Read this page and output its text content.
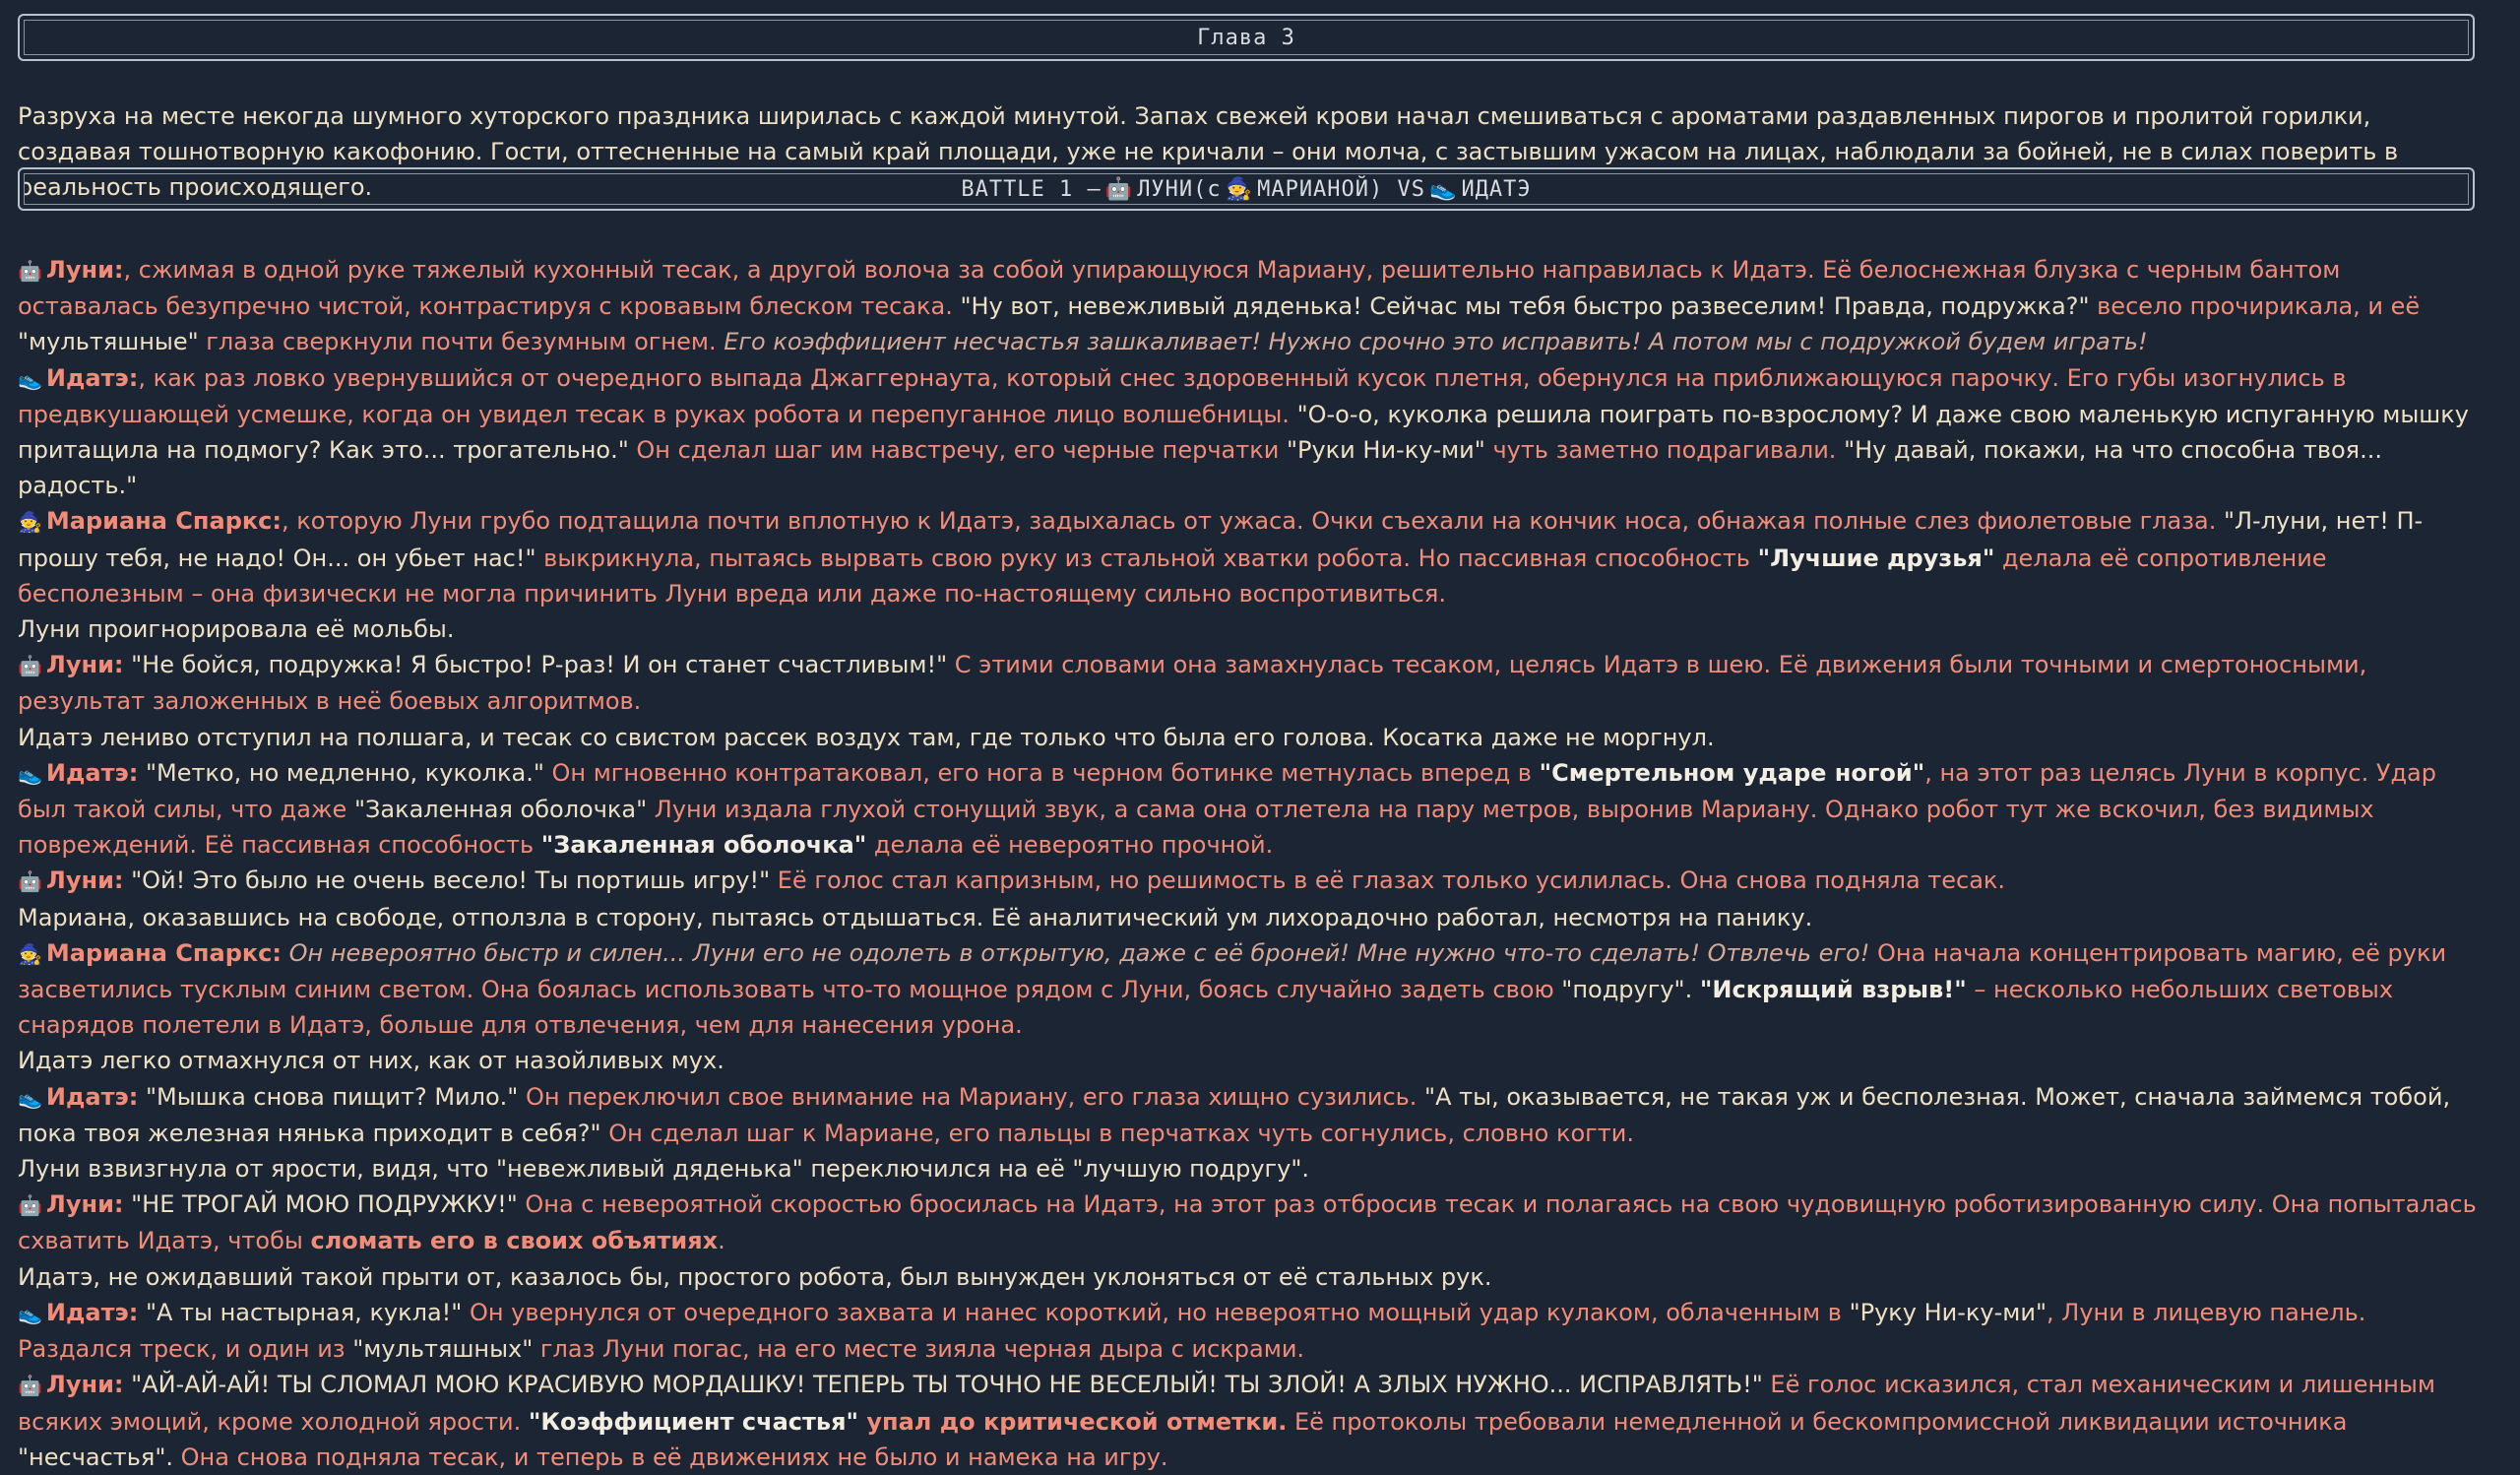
Глава 3
Разруха на месте некогда шумного хуторского праздника ширилась с каждой минутой. Запах свежей крови начал смешиваться с ароматами раздавленных пирогов и пролитой горилки, создавая тошнотворную какофонию. Гости, оттесненные на самый край площади, уже не кричали – они молча, с застывшим ужасом на лицах, наблюдали за бойней, не в силах поверить в реальность происходящего.	BATTLE 1 – 🤖 ЛУНИ (с 🧙 МАРИАНОЙ ) VS 👟 ИДАТЭ

🤖 Луни:, сжимая в одной руке тяжелый кухонный тесак, а другой волоча за собой упирающуюся Мариану, решительно направилась к Идатэ. Её белоснежная блузка с черным бантом оставалась безупречно чистой, контрастируя с кровавым блеском тесака. "Ну вот, невежливый дяденька! Сейчас мы тебя быстро развеселим! Правда, подружка?" весело прочирикала, и её "мультяшные" глаза сверкнули почти безумным огнем. Его коэффициент несчастья зашкаливает! Нужно срочно это исправить! А потом мы с подружкой будем играть!

👟 Идатэ:, как раз ловко увернувшийся от очередного выпада Джаггернаута, который снес здоровенный кусок плетня, обернулся на приближающуюся парочку. Его губы изогнулись в предвкушающей усмешке, когда он увидел тесак в руках робота и перепуганное лицо волшебницы. "О-о-о, куколка решила поиграть по-взрослому? И даже свою маленькую испуганную мышку притащила на подмогу? Как это... трогательно." Он сделал шаг им навстречу, его черные перчатки "Руки Ни-ку-ми" чуть заметно подрагивали. "Ну давай, покажи, на что способна твоя... радость."

🧙 Мариана Спаркс:, которую Луни грубо подтащила почти вплотную к Идатэ, задыхалась от ужаса. Очки съехали на кончик носа, обнажая полные слез фиолетовые глаза. "Л-луни, нет! П-прошу тебя, не надо! Он... он убьет нас!" выкрикнула, пытаясь вырвать свою руку из стальной хватки робота. Но пассивная способность "Лучшие друзья" делала её сопротивление бесполезным – она физически не могла причинить Луни вреда или даже по-настоящему сильно воспротивиться.

Луни проигнорировала её мольбы.

🤖 Луни: "Не бойся, подружка! Я быстро! Р-раз! И он станет счастливым!" С этими словами она замахнулась тесаком, целясь Идатэ в шею. Её движения были точными и смертоносными, результат заложенных в неё боевых алгоритмов.

Идатэ лениво отступил на полшага, и тесак со свистом рассек воздух там, где только что была его голова. Косатка даже не моргнул.

👟 Идатэ: "Метко, но медленно, куколка." Он мгновенно контратаковал, его нога в черном ботинке метнулась вперед в "Смертельном ударе ногой", на этот раз целясь Луни в корпус. Удар был такой силы, что даже "Закаленная оболочка" Луни издала глухой стонущий звук, а сама она отлетела на пару метров, выронив Мариану. Однако робот тут же вскочил, без видимых повреждений. Её пассивная способность "Закаленная оболочка" делала её невероятно прочной.

🤖 Луни: "Ой! Это было не очень весело! Ты портишь игру!" Её голос стал капризным, но решимость в её глазах только усилилась. Она снова подняла тесак.

Мариана, оказавшись на свободе, отползла в сторону, пытаясь отдышаться. Её аналитический ум лихорадочно работал, несмотря на панику.

🧙 Мариана Спаркс: Он невероятно быстр и силен... Луни его не одолеть в открытую, даже с её броней! Мне нужно что-то сделать! Отвлечь его! Она начала концентрировать магию, её руки засветились тусклым синим светом. Она боялась использовать что-то мощное рядом с Луни, боясь случайно задеть свою "подругу". "Искрящий взрыв!" – несколько небольших световых снарядов полетели в Идатэ, больше для отвлечения, чем для нанесения урона.

Идатэ легко отмахнулся от них, как от назойливых мух.

👟 Идатэ: "Мышка снова пищит? Мило." Он переключил свое внимание на Мариану, его глаза хищно сузились. "А ты, оказывается, не такая уж и бесполезная. Может, сначала займемся тобой, пока твоя железная нянька приходит в себя?" Он сделал шаг к Мариане, его пальцы в перчатках чуть согнулись, словно когти.

Луни взвизгнула от ярости, видя, что "невежливый дяденька" переключился на её "лучшую подругу".

🤖 Луни: "НЕ ТРОГАЙ МОЮ ПОДРУЖКУ!" Она с невероятной скоростью бросилась на Идатэ, на этот раз отбросив тесак и полагаясь на свою чудовищную роботизированную силу. Она попыталась схватить Идатэ, чтобы сломать его в своих объятиях.

Идатэ, не ожидавший такой прыти от, казалось бы, простого робота, был вынужден уклоняться от её стальных рук.

👟 Идатэ: "А ты настырная, кукла!" Он увернулся от очередного захвата и нанес короткий, но невероятно мощный удар кулаком, облаченным в "Руку Ни-ку-ми", Луни в лицевую панель. Раздался треск, и один из "мультяшных" глаз Луни погас, на его месте зияла черная дыра с искрами.

🤖 Луни: "АЙ-АЙ-АЙ! ТЫ СЛОМАЛ МОЮ КРАСИВУЮ МОРДАШКУ! ТЕПЕРЬ ТЫ ТОЧНО НЕ ВЕСЕЛЫЙ! ТЫ ЗЛОЙ! А ЗЛЫХ НУЖНО... ИСПРАВЛЯТЬ!" Её голос исказился, стал механическим и лишенным всяких эмоций, кроме холодной ярости. "Коэффициент счастья" упал до критической отметки. Её протоколы требовали немедленной и бескомпромиссной ликвидации источника "несчастья". Она снова подняла тесак, и теперь в её движениях не было и намека на игру.
